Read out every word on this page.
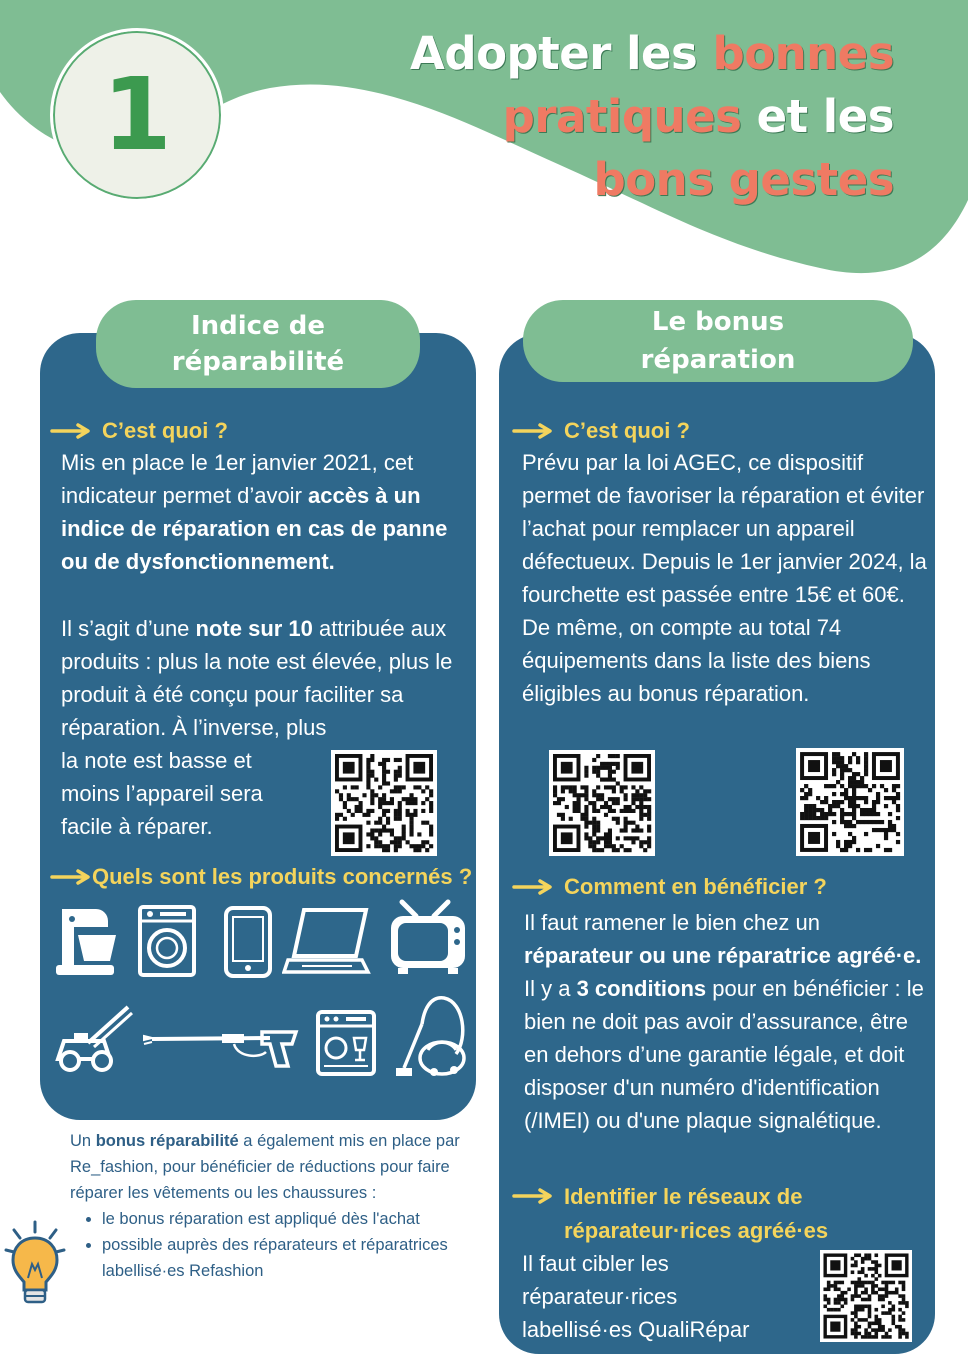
1
Adopter les bonnes
pratiques et les
bons gestes
Indice de réparabilité
C’est quoi ?
Mis en place le 1er janvier 2021, cet indicateur permet d’avoir accès à un indice de réparation en cas de panne ou de dysfonctionnement.
Il s’agit d’une note sur 10 attribuée aux produits : plus la note est élevée, plus le produit à été conçu pour faciliter sa réparation. À l’inverse, plus
la note est basse et moins l’appareil sera facile à réparer.
Quels sont les produits concernés ?
Un bonus réparabilité a également mis en place par Re_fashion, pour bénéficier de réductions pour faire réparer les vêtements ou les chaussures :
• le bonus réparation est appliqué dès l'achat
• possible auprès des réparateurs et réparatrices labellisé·es Refashion
Le bonus réparation
C’est quoi ?
Prévu par la loi AGEC, ce dispositif permet de favoriser la réparation et éviter l’achat pour remplacer un appareil défectueux. Depuis le 1er janvier 2024, la fourchette est passée entre 15€ et 60€. De même, on compte au total 74 équipements dans la liste des biens éligibles au bonus réparation.
Comment en bénéficier ?
Il faut ramener le bien chez un réparateur ou une réparatrice agréé·e. Il y a 3 conditions pour en bénéficier : le bien ne doit pas avoir d’assurance, être en dehors d’une garantie légale, et doit disposer d'un numéro d'identification (/IMEI) ou d'une plaque signalétique.
Identifier le réseaux de
réparateur·rices agréé·es
Il faut cibler les réparateur·rices labellisé·es QualiRépar
